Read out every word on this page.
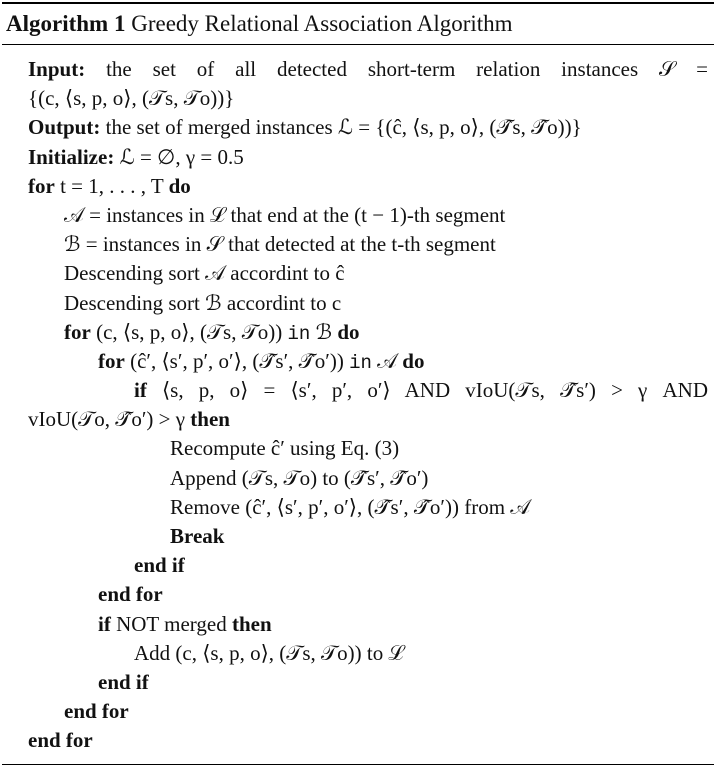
Algorithm 1 Greedy Relational Association Algorithm
Input: the set of all detected short-term relation instances 𝒮 =
{(c, ⟨s, p, o⟩, (𝒯s, 𝒯o))}
Output: the set of merged instances ℒ = {(ĉ, ⟨s, p, o⟩, (𝒯̂s, 𝒯̂o))}
Initialize: ℒ = ∅, γ = 0.5
for t = 1, . . . , T do
𝒜 = instances in ℒ that end at the (t − 1)-th segment
ℬ = instances in 𝒮 that detected at the t-th segment
Descending sort 𝒜 accordint to ĉ
Descending sort ℬ accordint to c
for (c, ⟨s, p, o⟩, (𝒯s, 𝒯o)) in ℬ do
for (ĉ′, ⟨s′, p′, o′⟩, (𝒯̂s′, 𝒯̂o′)) in 𝒜 do
if ⟨s, p, o⟩ = ⟨s′, p′, o′⟩ AND vIoU(𝒯s, 𝒯̂s′) > γ AND
vIoU(𝒯o, 𝒯̂o′) > γ then
Recompute ĉ′ using Eq. (3)
Append (𝒯s, 𝒯o) to (𝒯̂s′, 𝒯̂o′)
Remove (ĉ′, ⟨s′, p′, o′⟩, (𝒯̂s′, 𝒯̂o′)) from 𝒜
Break
end if
end for
if NOT merged then
Add (c, ⟨s, p, o⟩, (𝒯s, 𝒯o)) to ℒ
end if
end for
end for
